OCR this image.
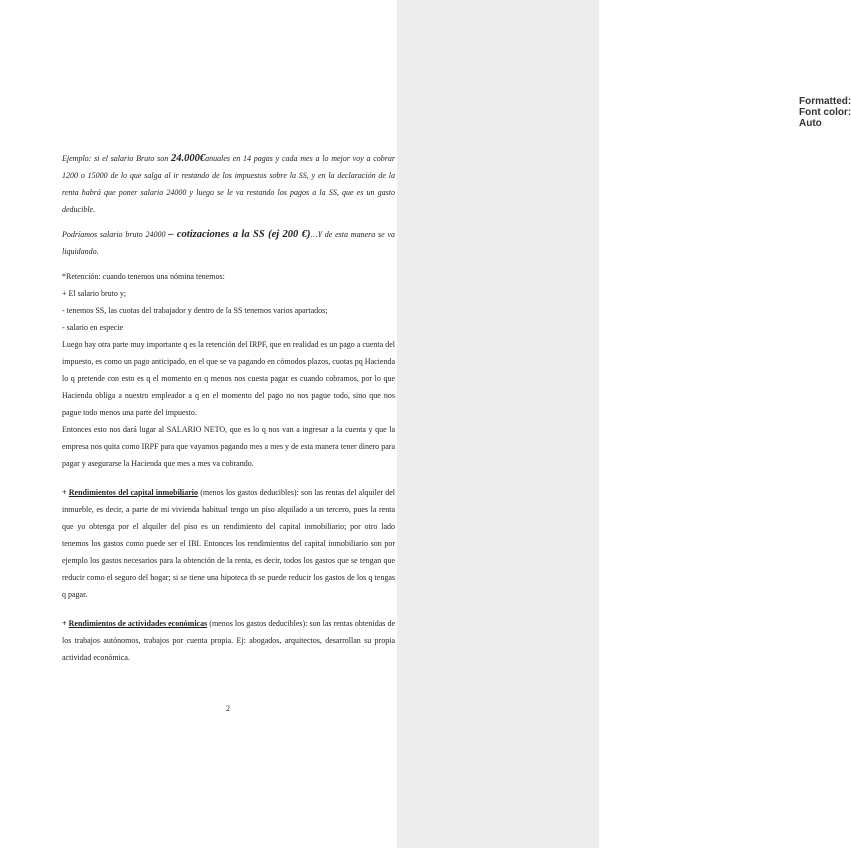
Formatted: Font color: Auto

Ejemplo: si el salario Bruto son 24.000€anuales en 14 pagas y cada mes a lo mejor voy a cobrar 1200 o 15000 de lo que salga al ir restando de los impuestos sobre la SS, y en la declaración de la renta habrá que poner salario 24000 y luego se le va restando los pagos a la SS, que es un gasto deducible.

Podríamos salario bruto 24000 – cotizaciones a la SS (ej 200 €)…Y de esta manera se va liquidando.

*Retención: cuando tenemos una nómina tenemos:

+ El salario bruto y;

- tenemos SS, las cuotas del trabajador y dentro de la SS tenemos varios apartados;

- salario en especie

Luego hay otra parte muy importante q es la retención del IRPF, que en realidad es un pago a cuenta del impuesto, es como un pago anticipado, en el que se va pagando en cómodos plazos, cuotas pq Hacienda lo q pretende con esto es q el momento en q menos nos cuesta pagar es cuando cobramos, por lo que Hacienda obliga a nuestro empleador a q en el momento del pago no nos pague todo, sino que nos pague todo menos una parte del impuesto.

Entonces esto nos dará lugar al SALARIO NETO, que es lo q nos van a ingresar a la cuenta y que la empresa nos quita como IRPF para que vayamos pagando mes a mes y de esta manera tener dinero para pagar y asegurarse la Hacienda que mes a mes va cobrando.

+ Rendimientos del capital inmobiliario (menos los gastos deducibles): son las rentas del alquiler del inmueble, es decir, a parte de mi vivienda habitual tengo un piso alquilado a un tercero, pues la renta que yo obtenga por el alquiler del piso es un rendimiento del capital inmobiliario; por otro lado tenemos los gastos como puede ser el IBI. Entonces los rendimientos del capital inmobiliario son por ejemplo los gastos necesarios para la obtención de la renta, es decir, todos los gastos que se tengan que reducir como el seguro del hogar; si se tiene una hipoteca tb se puede reducir los gastos de los q tengas q pagar.

+ Rendimientos de actividades económicas (menos los gastos deducibles): son las rentas obtenidas de los trabajos autónomos, trabajos por cuenta propia. Ej: abogados, arquitectos, desarrollan su propia actividad económica.

2
